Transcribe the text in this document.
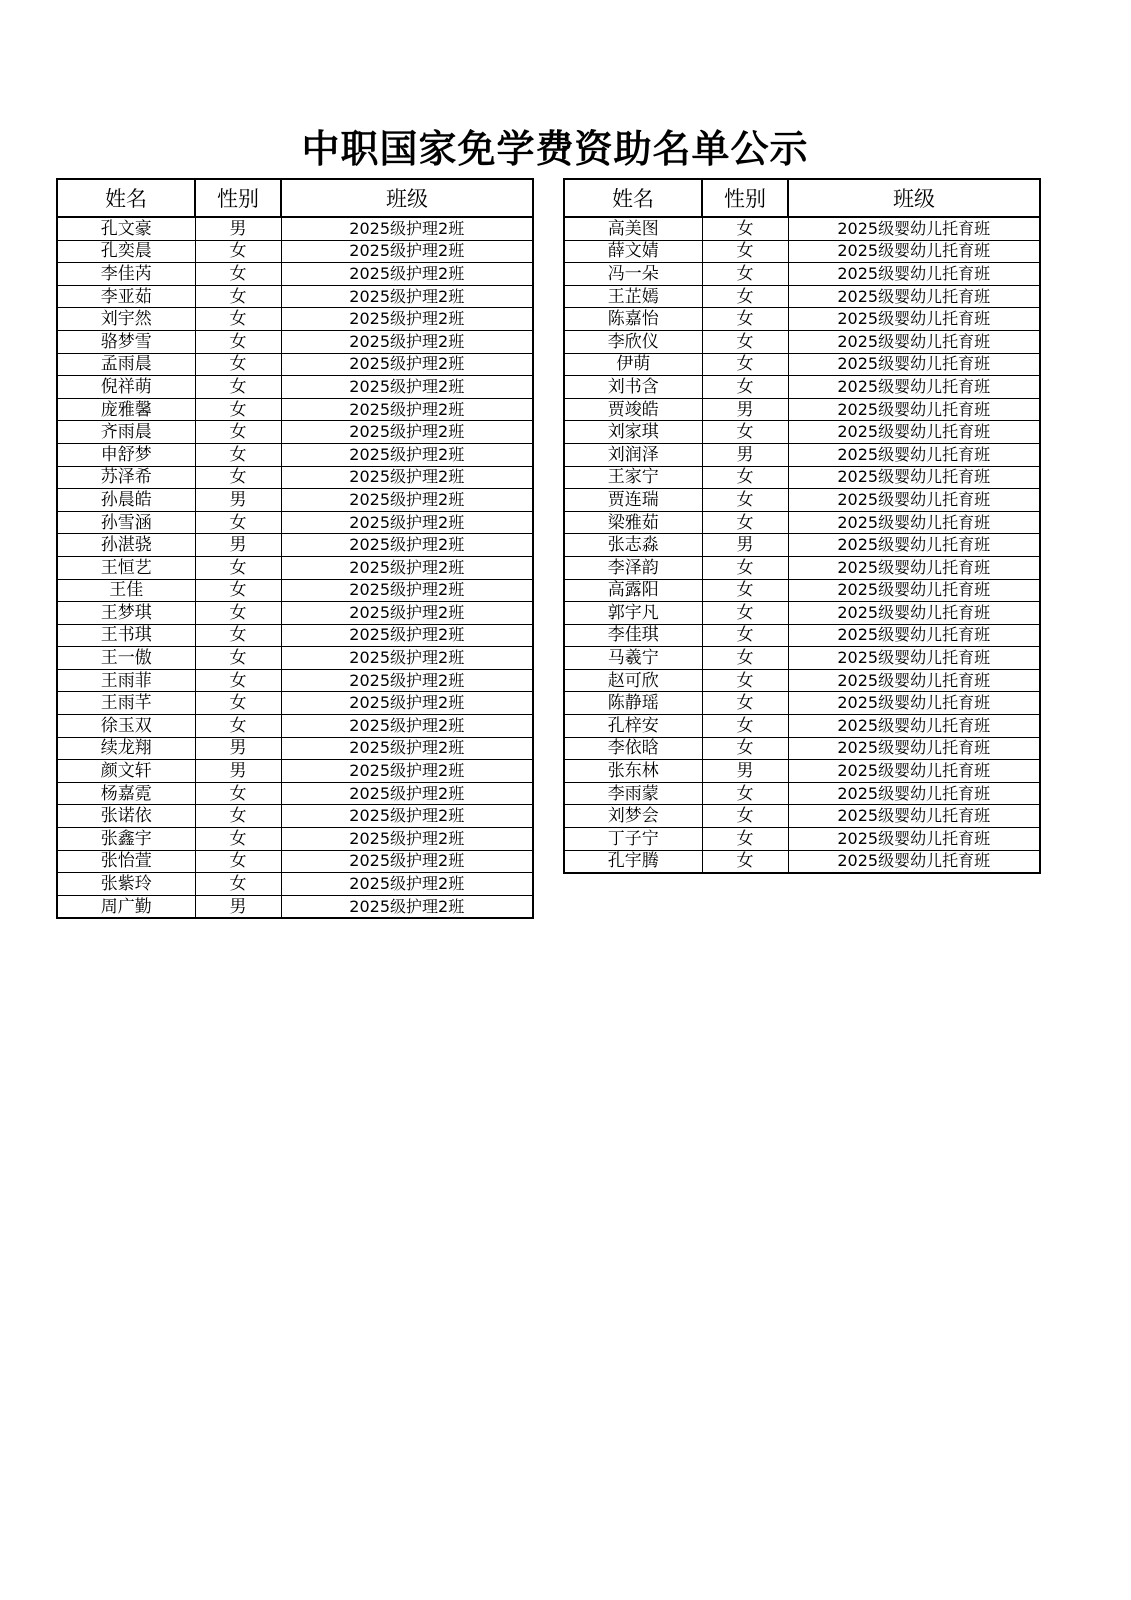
中职国家免学费资助名单公示
姓名	性别	班级
孔文豪	男	2025级护理2班
孔奕晨	女	2025级护理2班
李佳芮	女	2025级护理2班
李亚茹	女	2025级护理2班
刘宇然	女	2025级护理2班
骆梦雪	女	2025级护理2班
孟雨晨	女	2025级护理2班
倪祥萌	女	2025级护理2班
庞雅馨	女	2025级护理2班
齐雨晨	女	2025级护理2班
申舒梦	女	2025级护理2班
苏泽希	女	2025级护理2班
孙晨皓	男	2025级护理2班
孙雪涵	女	2025级护理2班
孙湛骁	男	2025级护理2班
王恒艺	女	2025级护理2班
王佳	女	2025级护理2班
王梦琪	女	2025级护理2班
王书琪	女	2025级护理2班
王一傲	女	2025级护理2班
王雨菲	女	2025级护理2班
王雨芊	女	2025级护理2班
徐玉双	女	2025级护理2班
续龙翔	男	2025级护理2班
颜文轩	男	2025级护理2班
杨嘉霓	女	2025级护理2班
张诺依	女	2025级护理2班
张鑫宇	女	2025级护理2班
张怡萱	女	2025级护理2班
张紫玲	女	2025级护理2班
周广勤	男	2025级护理2班
姓名	性别	班级
高美图	女	2025级婴幼儿托育班
薛文婧	女	2025级婴幼儿托育班
冯一朵	女	2025级婴幼儿托育班
王芷嫣	女	2025级婴幼儿托育班
陈嘉怡	女	2025级婴幼儿托育班
李欣仪	女	2025级婴幼儿托育班
伊萌	女	2025级婴幼儿托育班
刘书含	女	2025级婴幼儿托育班
贾竣皓	男	2025级婴幼儿托育班
刘家琪	女	2025级婴幼儿托育班
刘润泽	男	2025级婴幼儿托育班
王家宁	女	2025级婴幼儿托育班
贾连瑞	女	2025级婴幼儿托育班
梁雅茹	女	2025级婴幼儿托育班
张志淼	男	2025级婴幼儿托育班
李泽韵	女	2025级婴幼儿托育班
高露阳	女	2025级婴幼儿托育班
郭宇凡	女	2025级婴幼儿托育班
李佳琪	女	2025级婴幼儿托育班
马羲宁	女	2025级婴幼儿托育班
赵可欣	女	2025级婴幼儿托育班
陈静瑶	女	2025级婴幼儿托育班
孔梓安	女	2025级婴幼儿托育班
李依晗	女	2025级婴幼儿托育班
张东林	男	2025级婴幼儿托育班
李雨蒙	女	2025级婴幼儿托育班
刘梦会	女	2025级婴幼儿托育班
丁子宁	女	2025级婴幼儿托育班
孔宇腾	女	2025级婴幼儿托育班
